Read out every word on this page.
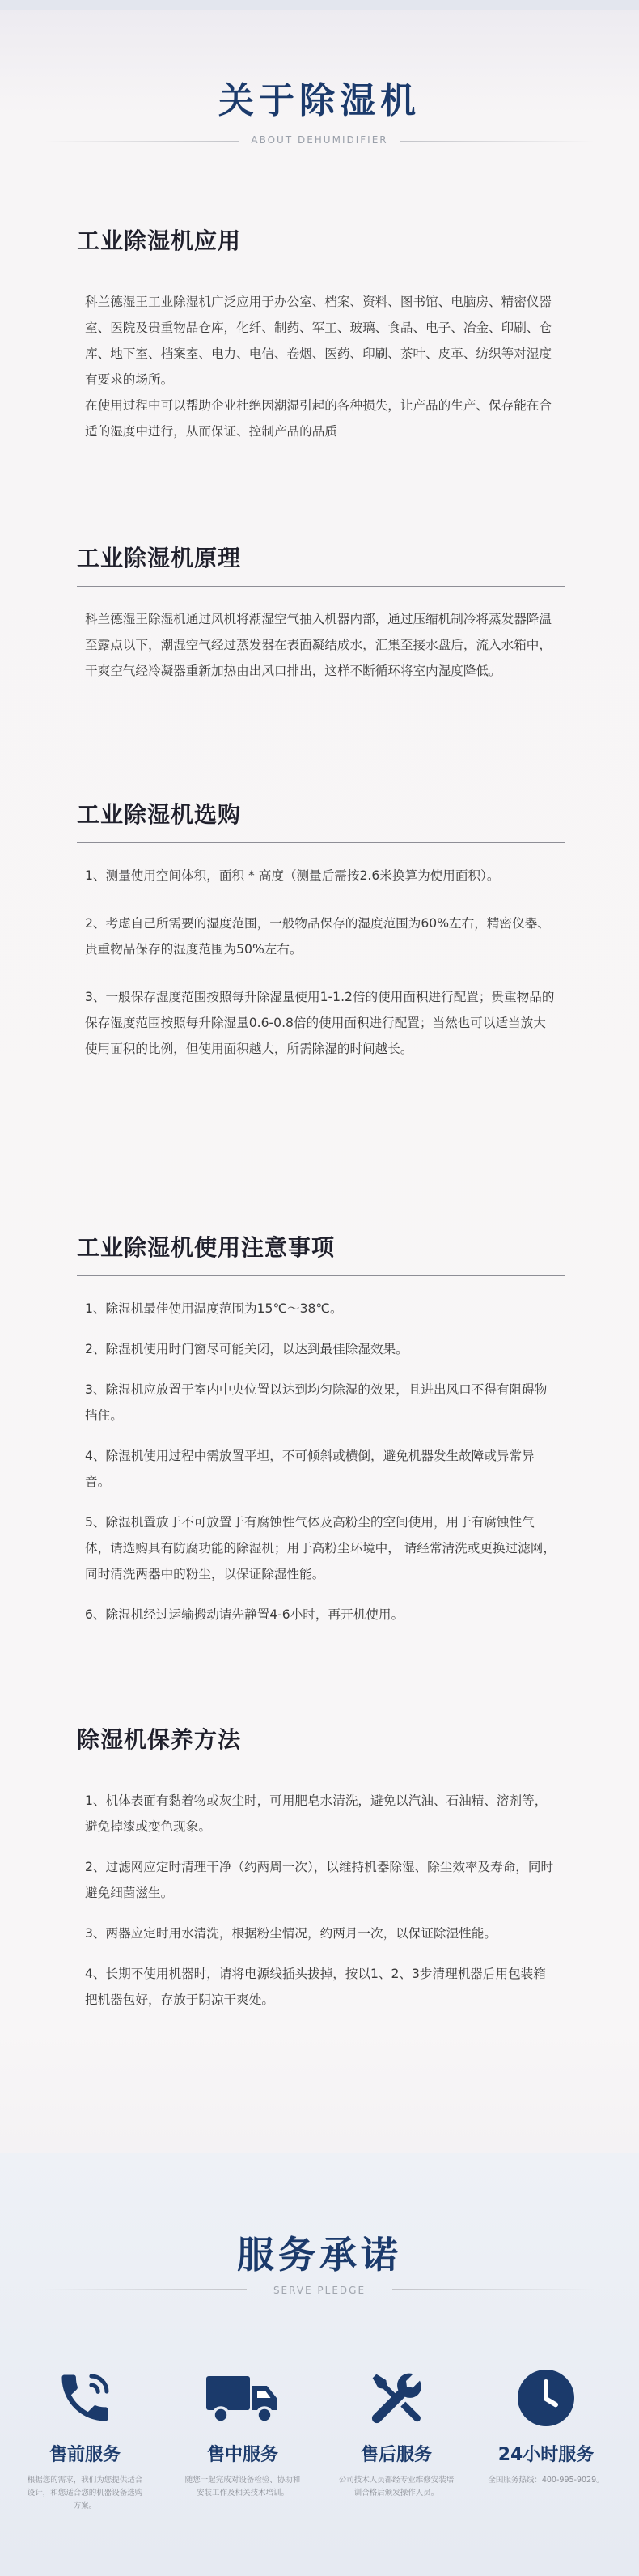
关于除湿机
ABOUT DEHUMIDIFIER
工业除湿机应用

科兰德湿王工业除湿机广泛应用于办公室、档案、资料、图书馆、电脑房、精密仪器室、医院及贵重物品仓库，化纤、制药、军工、玻璃、食品、电子、冶金、印刷、仓库、地下室、档案室、电力、电信、卷烟、医药、印刷、茶叶、皮革、纺织等对湿度有要求的场所。

在使用过程中可以帮助企业杜绝因潮湿引起的各种损失，让产品的生产、保存能在合适的湿度中进行，从而保证、控制产品的品质

工业除湿机原理

科兰德湿王除湿机通过风机将潮湿空气抽入机器内部，通过压缩机制冷将蒸发器降温至露点以下，潮湿空气经过蒸发器在表面凝结成水，汇集至接水盘后，流入水箱中，干爽空气经冷凝器重新加热由出风口排出，这样不断循环将室内湿度降低。

工业除湿机选购

1、测量使用空间体积，面积 * 高度（测量后需按2.6米换算为使用面积）。

2、考虑自己所需要的湿度范围，一般物品保存的湿度范围为60%左右，精密仪器、贵重物品保存的湿度范围为50%左右。

3、一般保存湿度范围按照每升除湿量使用1-1.2倍的使用面积进行配置；贵重物品的保存湿度范围按照每升除湿量0.6-0.8倍的使用面积进行配置；当然也可以适当放大使用面积的比例，但使用面积越大，所需除湿的时间越长。

工业除湿机使用注意事项

1、除湿机最佳使用温度范围为15℃～38℃。

2、除湿机使用时门窗尽可能关闭，以达到最佳除湿效果。

3、除湿机应放置于室内中央位置以达到均匀除湿的效果，且进出风口不得有阻碍物挡住。

4、除湿机使用过程中需放置平坦，不可倾斜或横倒，避免机器发生故障或异常异音。

5、除湿机置放于不可放置于有腐蚀性气体及高粉尘的空间使用，用于有腐蚀性气体，请选购具有防腐功能的除湿机；用于高粉尘环境中， 请经常清洗或更换过滤网，同时清洗两器中的粉尘，以保证除湿性能。

6、除湿机经过运输搬动请先静置4-6小时，再开机使用。

除湿机保养方法

1、机体表面有黏着物或灰尘时，可用肥皂水清洗，避免以汽油、石油精、溶剂等，避免掉漆或变色现象。

2、过滤网应定时清理干净（约两周一次），以维持机器除湿、除尘效率及寿命，同时避免细菌滋生。

3、两器应定时用水清洗，根据粉尘情况，约两月一次，以保证除湿性能。

4、长期不使用机器时，请将电源线插头拔掉，按以1、2、3步清理机器后用包装箱把机器包好，存放于阴凉干爽处。

服务承诺
SERVE PLEDGE
售前服务
根据您的需求，我们为您提供适合设计，和您适合您的机器设备选购方案。
售中服务
随您一起完成对设备检验、协助和安装工作及相关技术培训。
售后服务
公司技术人员都经专业维修安装培训合格后颁发操作人员。
24小时服务
全国服务热线：400-995-9029。
